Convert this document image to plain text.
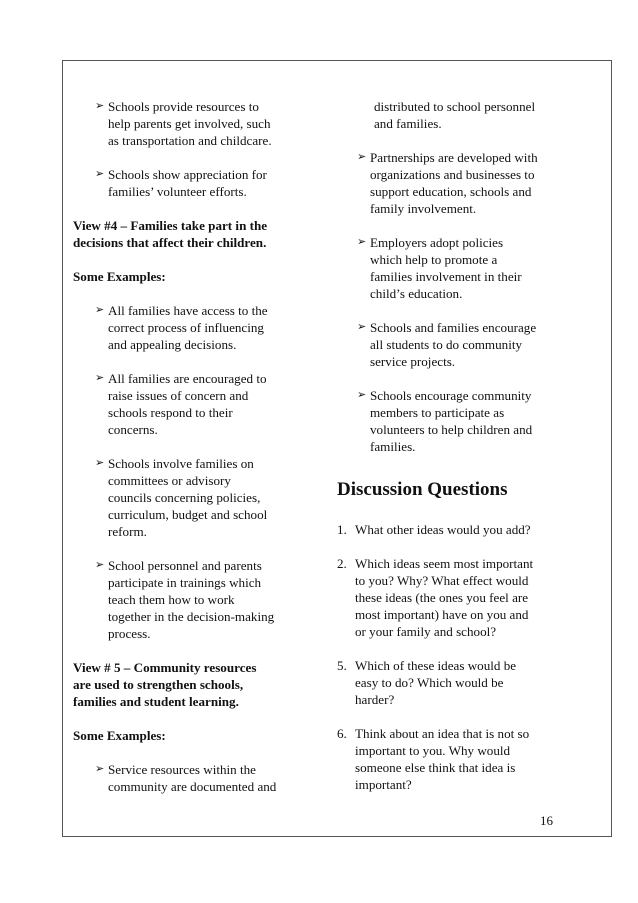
➢ Schools provide resources to
help parents get involved, such
as transportation and childcare.
➢ Schools show appreciation for
families’ volunteer efforts.
View #4 – Families take part in the
decisions that affect their children.
Some Examples:
➢ All families have access to the
correct process of influencing
and appealing decisions.
➢ All families are encouraged to
raise issues of concern and
schools respond to their
concerns.
➢ Schools involve families on
committees or advisory
councils concerning policies,
curriculum, budget and school
reform.
➢ School personnel and parents
participate in trainings which
teach them how to work
together in the decision-making
process.
View # 5 – Community resources
are used to strengthen schools,
families and student learning.
Some Examples:
➢ Service resources within the
community are documented and
distributed to school personnel
and families.
➢ Partnerships are developed with
organizations and businesses to
support education, schools and
family involvement.
➢ Employers adopt policies
which help to promote a
families involvement in their
child’s education.
➢ Schools and families encourage
all students to do community
service projects.
➢ Schools encourage community
members to participate as
volunteers to help children and
families.
Discussion Questions
1. What other ideas would you add?
2. Which ideas seem most important
to you? Why? What effect would
these ideas (the ones you feel are
most important) have on you and
or your family and school?
5. Which of these ideas would be
easy to do? Which would be
harder?
6. Think about an idea that is not so
important to you. Why would
someone else think that idea is
important?
16
